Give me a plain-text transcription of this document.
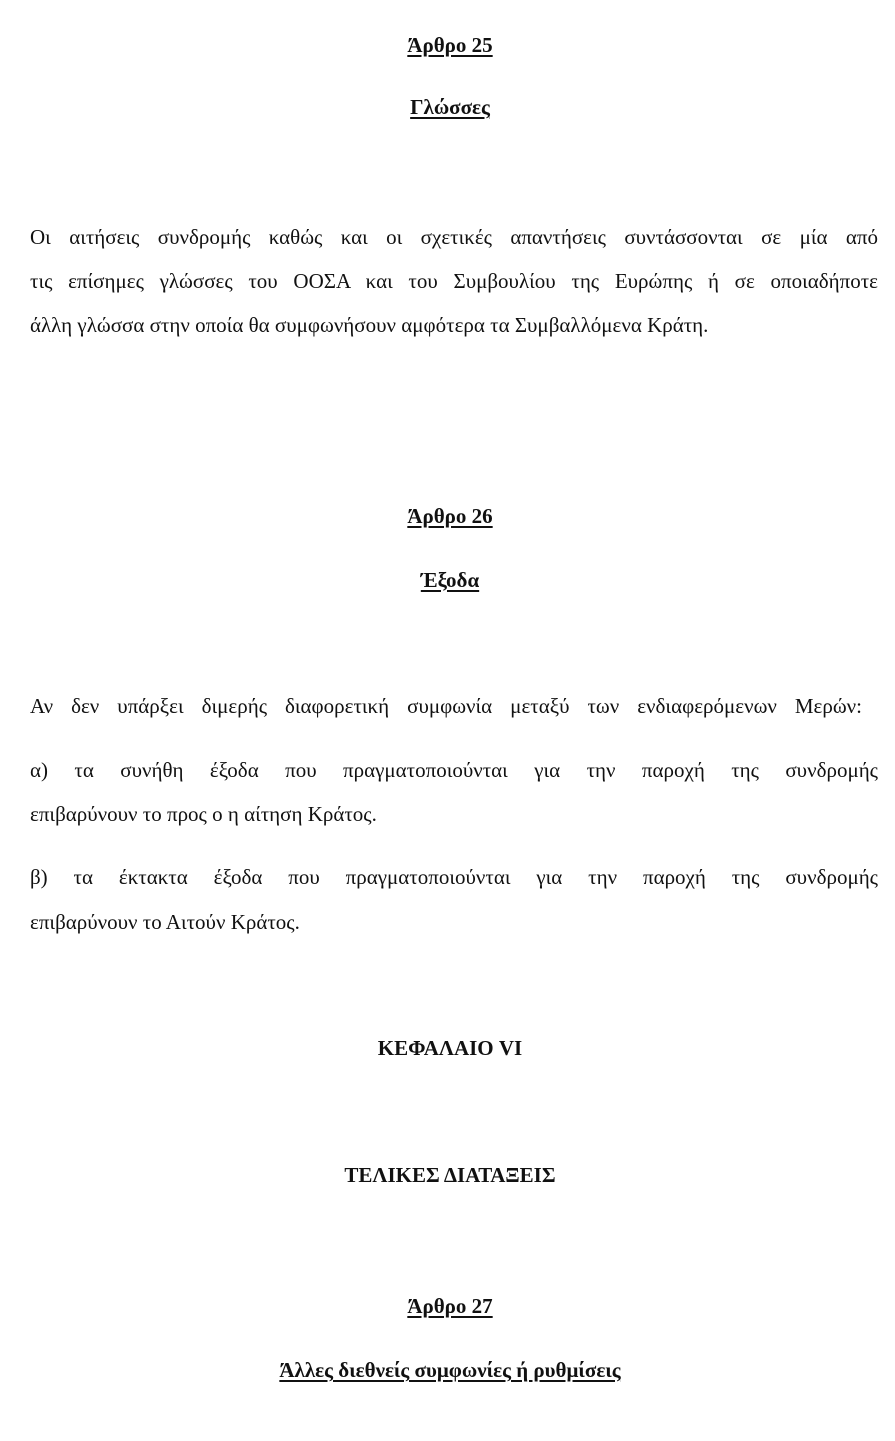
Άρθρο 25
Γλώσσες
Οι αιτήσεις συνδρομής καθώς και οι σχετικές απαντήσεις συντάσσονται σε μία από
τις επίσημες γλώσσες του ΟΟΣΑ και του Συμβουλίου της Ευρώπης ή σε οποιαδήποτε
άλλη γλώσσα στην οποία θα συμφωνήσουν αμφότερα τα Συμβαλλόμενα Κράτη.
Άρθρο 26
Έξοδα
Αν δεν υπάρξει διμερής διαφορετική συμφωνία μεταξύ των ενδιαφερόμενων Μερών:
α) τα συνήθη έξοδα που πραγματοποιούνται για την παροχή της συνδρομής
επιβαρύνουν το προς ο η αίτηση Κράτος.
β) τα έκτακτα έξοδα που πραγματοποιούνται για την παροχή της συνδρομής
επιβαρύνουν το Αιτούν Κράτος.
ΚΕΦΑΛΑΙΟ VI
ΤΕΛΙΚΕΣ ΔΙΑΤΑΞΕΙΣ
Άρθρο 27
Άλλες διεθνείς συμφωνίες ή ρυθμίσεις
